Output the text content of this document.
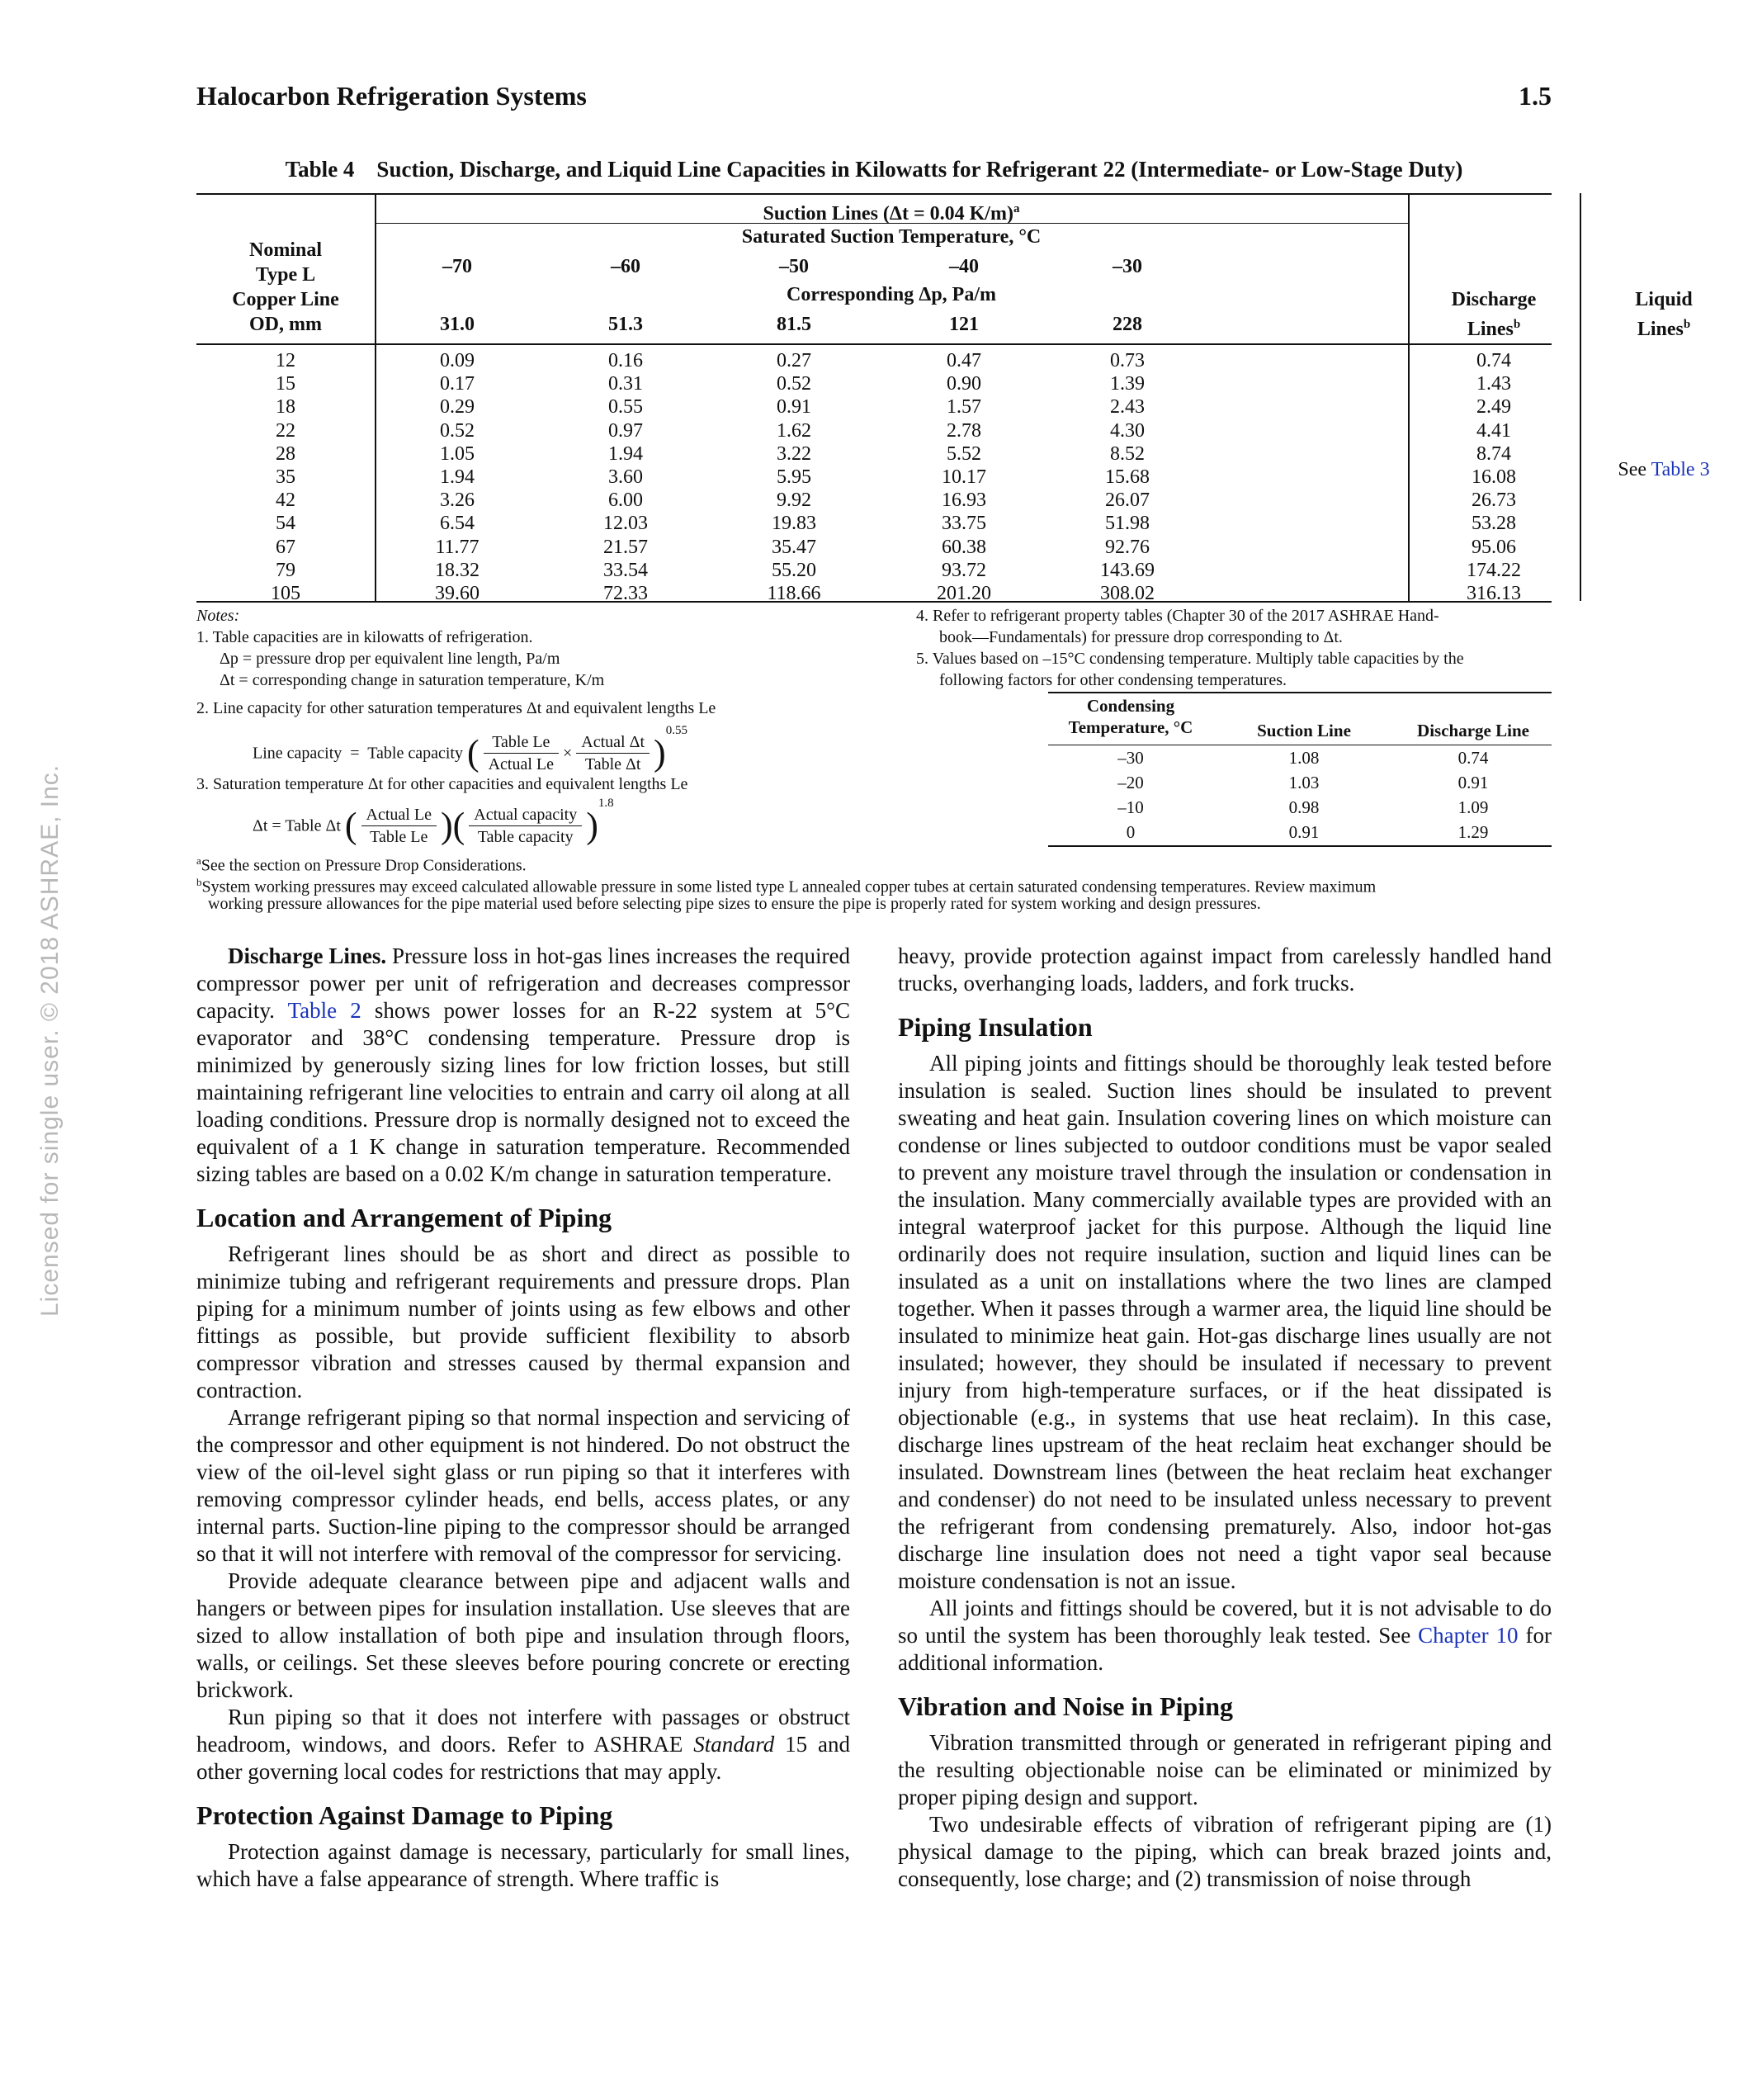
Halocarbon Refrigeration Systems	1.5
Licensed for single user. © 2018 ASHRAE, Inc.
Table 4    Suction, Discharge, and Liquid Line Capacities in Kilowatts for Refrigerant 22 (Intermediate- or Low-Stage Duty)
Nominal
Type L
Copper Line
OD, mm
Suction Lines (Δt = 0.04 K/m)$^a$
Saturated Suction Temperature, °C
–70	–60	–50	–40	–30
Corresponding Δp, Pa/m
31.0	51.3	81.5	121	228
Discharge
Lines$^b$
Liquid
Lines$^b$
12	0.09	0.16	0.27	0.47	0.73	0.74
15	0.17	0.31	0.52	0.90	1.39	1.43
18	0.29	0.55	0.91	1.57	2.43	2.49
22	0.52	0.97	1.62	2.78	4.30	4.41
28	1.05	1.94	3.22	5.52	8.52	8.74
35	1.94	3.60	5.95	10.17	15.68	16.08
42	3.26	6.00	9.92	16.93	26.07	26.73
54	6.54	12.03	19.83	33.75	51.98	53.28
67	11.77	21.57	35.47	60.38	92.76	95.06
79	18.32	33.54	55.20	93.72	143.69	174.22
105	39.60	72.33	118.66	201.20	308.02	316.13
See Table 3
Notes:
1. Table capacities are in kilowatts of refrigeration.
Δp = pressure drop per equivalent line length, Pa/m
Δt = corresponding change in saturation temperature, K/m
2. Line capacity for other saturation temperatures Δt and equivalent lengths Le
Line capacity  =  Table capacity ( $\frac{\text{Table Le}}{\text{Actual Le}} \times \frac{\text{Actual Δt}}{\text{Table Δt}} )^{0.55}$
3. Saturation temperature Δt for other capacities and equivalent lengths Le
Δt = Table Δt ( $\frac{\text{Actual Le}}{\text{Table Le}}$ )( $\frac{\text{Actual capacity}}{\text{Table capacity}} )^{1.8}$
4. Refer to refrigerant property tables (Chapter 30 of the 2017 ASHRAE Hand-
book—Fundamentals) for pressure drop corresponding to Δt.
5. Values based on –15°C condensing temperature. Multiply table capacities by the
following factors for other condensing temperatures.
$^a$See the section on Pressure Drop Considerations.
$^b$System working pressures may exceed calculated allowable pressure in some listed type L annealed copper tubes at certain saturated condensing temperatures. Review maximum
working pressure allowances for the pipe material used before selecting pipe sizes to ensure the pipe is properly rated for system working and design pressures.
Condensing
Temperature, °C	Suction Line	Discharge Line
–30	1.08	0.74
–20	1.03	0.91
–10	0.98	1.09
0	0.91	1.29

Discharge Lines. Pressure loss in hot-gas lines increases the required compressor power per unit of refrigeration and decreases compressor capacity. Table 2 shows power losses for an R-22 system at 5°C evaporator and 38°C condensing temperature. Pressure drop is minimized by generously sizing lines for low friction losses, but still maintaining refrigerant line velocities to entrain and carry oil along at all loading conditions. Pressure drop is normally designed not to exceed the equivalent of a 1 K change in saturation temperature. Recommended sizing tables are based on a 0.02 K/m change in saturation temperature.

Location and Arrangement of Piping

Refrigerant lines should be as short and direct as possible to minimize tubing and refrigerant requirements and pressure drops. Plan piping for a minimum number of joints using as few elbows and other fittings as possible, but provide sufficient flexibility to absorb compressor vibration and stresses caused by thermal expansion and contraction.

Arrange refrigerant piping so that normal inspection and servicing of the compressor and other equipment is not hindered. Do not obstruct the view of the oil-level sight glass or run piping so that it interferes with removing compressor cylinder heads, end bells, access plates, or any internal parts. Suction-line piping to the compressor should be arranged so that it will not interfere with removal of the compressor for servicing.

Provide adequate clearance between pipe and adjacent walls and hangers or between pipes for insulation installation. Use sleeves that are sized to allow installation of both pipe and insulation through floors, walls, or ceilings. Set these sleeves before pouring concrete or erecting brickwork.

Run piping so that it does not interfere with passages or obstruct headroom, windows, and doors. Refer to ASHRAE Standard 15 and other governing local codes for restrictions that may apply.

Protection Against Damage to Piping

Protection against damage is necessary, particularly for small lines, which have a false appearance of strength. Where traffic is

heavy, provide protection against impact from carelessly handled hand trucks, overhanging loads, ladders, and fork trucks.

Piping Insulation

All piping joints and fittings should be thoroughly leak tested before insulation is sealed. Suction lines should be insulated to prevent sweating and heat gain. Insulation covering lines on which moisture can condense or lines subjected to outdoor conditions must be vapor sealed to prevent any moisture travel through the insulation or condensation in the insulation. Many commercially available types are provided with an integral waterproof jacket for this purpose. Although the liquid line ordinarily does not require insulation, suction and liquid lines can be insulated as a unit on installations where the two lines are clamped together. When it passes through a warmer area, the liquid line should be insulated to minimize heat gain. Hot-gas discharge lines usually are not insulated; however, they should be insulated if necessary to prevent injury from high-temperature surfaces, or if the heat dissipated is objectionable (e.g., in systems that use heat reclaim). In this case, discharge lines upstream of the heat reclaim heat exchanger should be insulated. Downstream lines (between the heat reclaim heat exchanger and condenser) do not need to be insulated unless necessary to prevent the refrigerant from condensing prematurely. Also, indoor hot-gas discharge line insulation does not need a tight vapor seal because moisture condensation is not an issue.

All joints and fittings should be covered, but it is not advisable to do so until the system has been thoroughly leak tested. See Chapter 10 for additional information.

Vibration and Noise in Piping

Vibration transmitted through or generated in refrigerant piping and the resulting objectionable noise can be eliminated or minimized by proper piping design and support.

Two undesirable effects of vibration of refrigerant piping are (1) physical damage to the piping, which can break brazed joints and, consequently, lose charge; and (2) transmission of noise through
